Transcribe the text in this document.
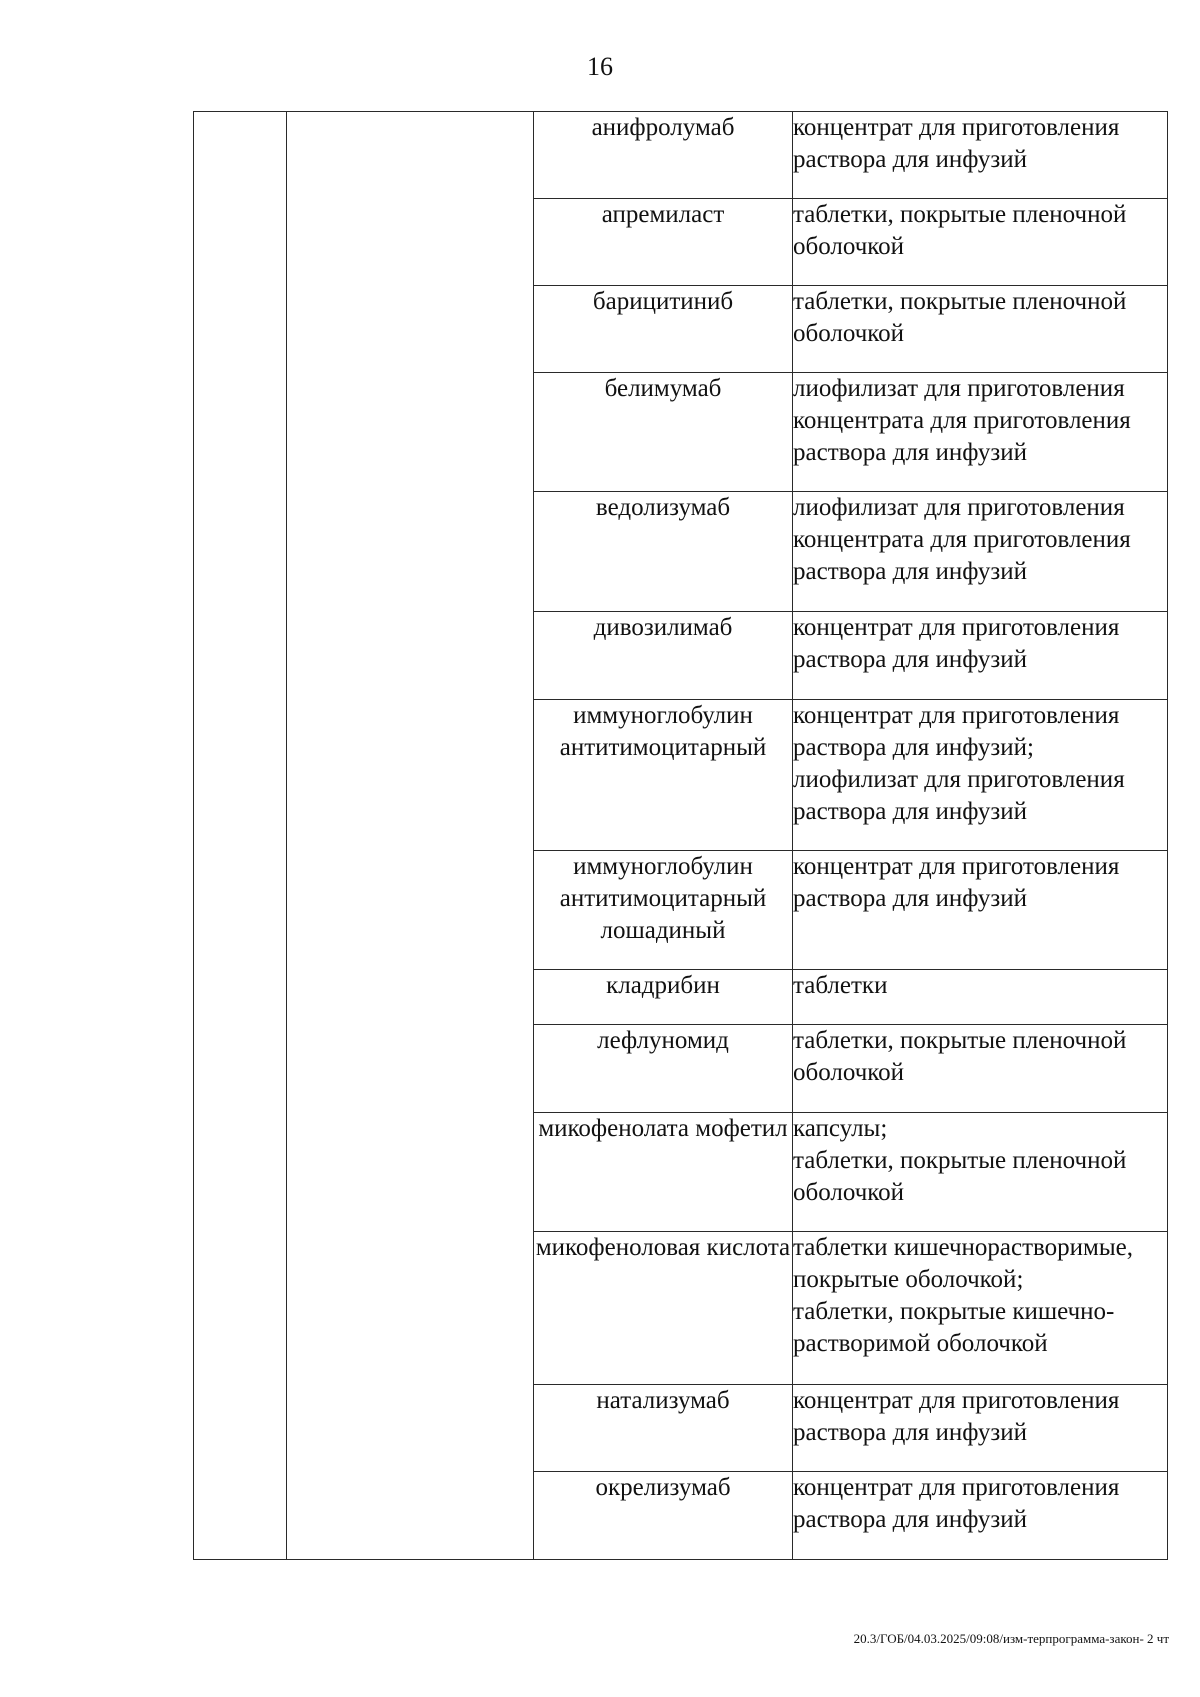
16
		анифролумаб	концентрат для приготовления
раствора для инфузий
		апремиласт	таблетки, покрытые пленочной
оболочкой
		барицитиниб	таблетки, покрытые пленочной
оболочкой
		белимумаб	лиофилизат для приготовления
концентрата для приготовления
раствора для инфузий
		ведолизумаб	лиофилизат для приготовления
концентрата для приготовления
раствора для инфузий
		дивозилимаб	концентрат для приготовления
раствора для инфузий
		иммуноглобулин антитимоцитарный	концентрат для приготовления
раствора для инфузий;
лиофилизат для приготовления
раствора для инфузий
		иммуноглобулин антитимоцитарный лошадиный	концентрат для приготовления
раствора для инфузий
		кладрибин	таблетки
		лефлуномид	таблетки, покрытые пленочной
оболочкой
		микофенолата мофетил	капсулы;
таблетки, покрытые пленочной
оболочкой
		микофеноловая кислота	таблетки кишечнорастворимые,
покрытые оболочкой;
таблетки, покрытые кишечно-
растворимой оболочкой
		натализумаб	концентрат для приготовления
раствора для инфузий
		окрелизумаб	концентрат для приготовления
раствора для инфузий
20.3/ГОБ/04.03.2025/09:08/изм-терпрограмма-закон- 2 чт
